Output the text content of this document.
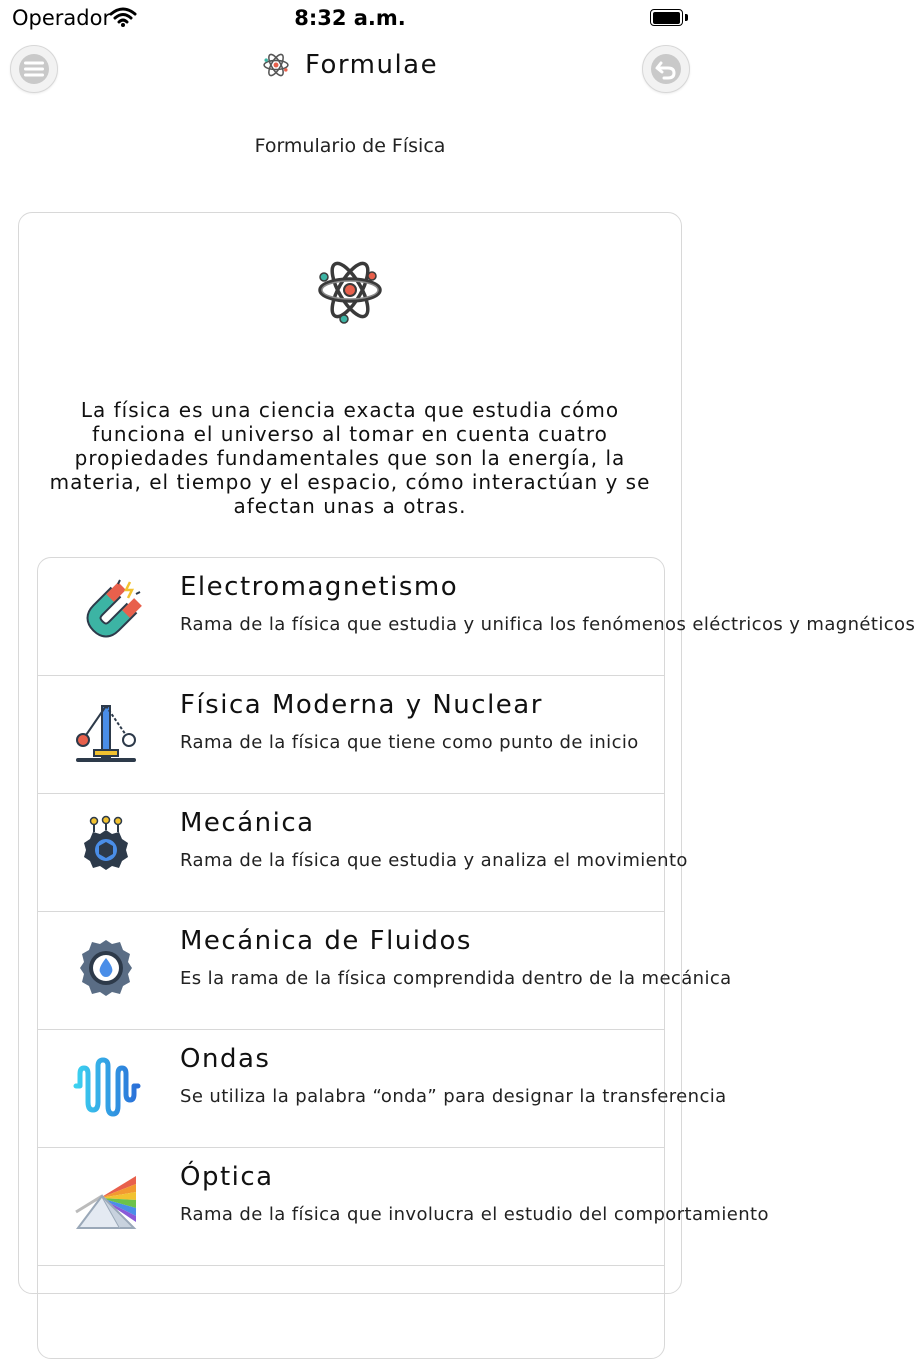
Operador	8:32 a.m.
Formulae
Formulario de Física
La física es una ciencia exacta que estudia cómo funciona el universo al tomar en cuenta cuatro propiedades fundamentales que son la energía, la materia, el tiempo y el espacio, cómo interactúan y se afectan unas a otras.
Electromagnetismo
Rama de la física que estudia y unifica los fenómenos eléctricos y magnéticos
Física Moderna y Nuclear
Rama de la física que tiene como punto de inicio
Mecánica
Rama de la física que estudia y analiza el movimiento
Mecánica de Fluidos
Es la rama de la física comprendida dentro de la mecánica
Ondas
Se utiliza la palabra “onda” para designar la transferencia
Óptica
Rama de la física que involucra el estudio del comportamiento
